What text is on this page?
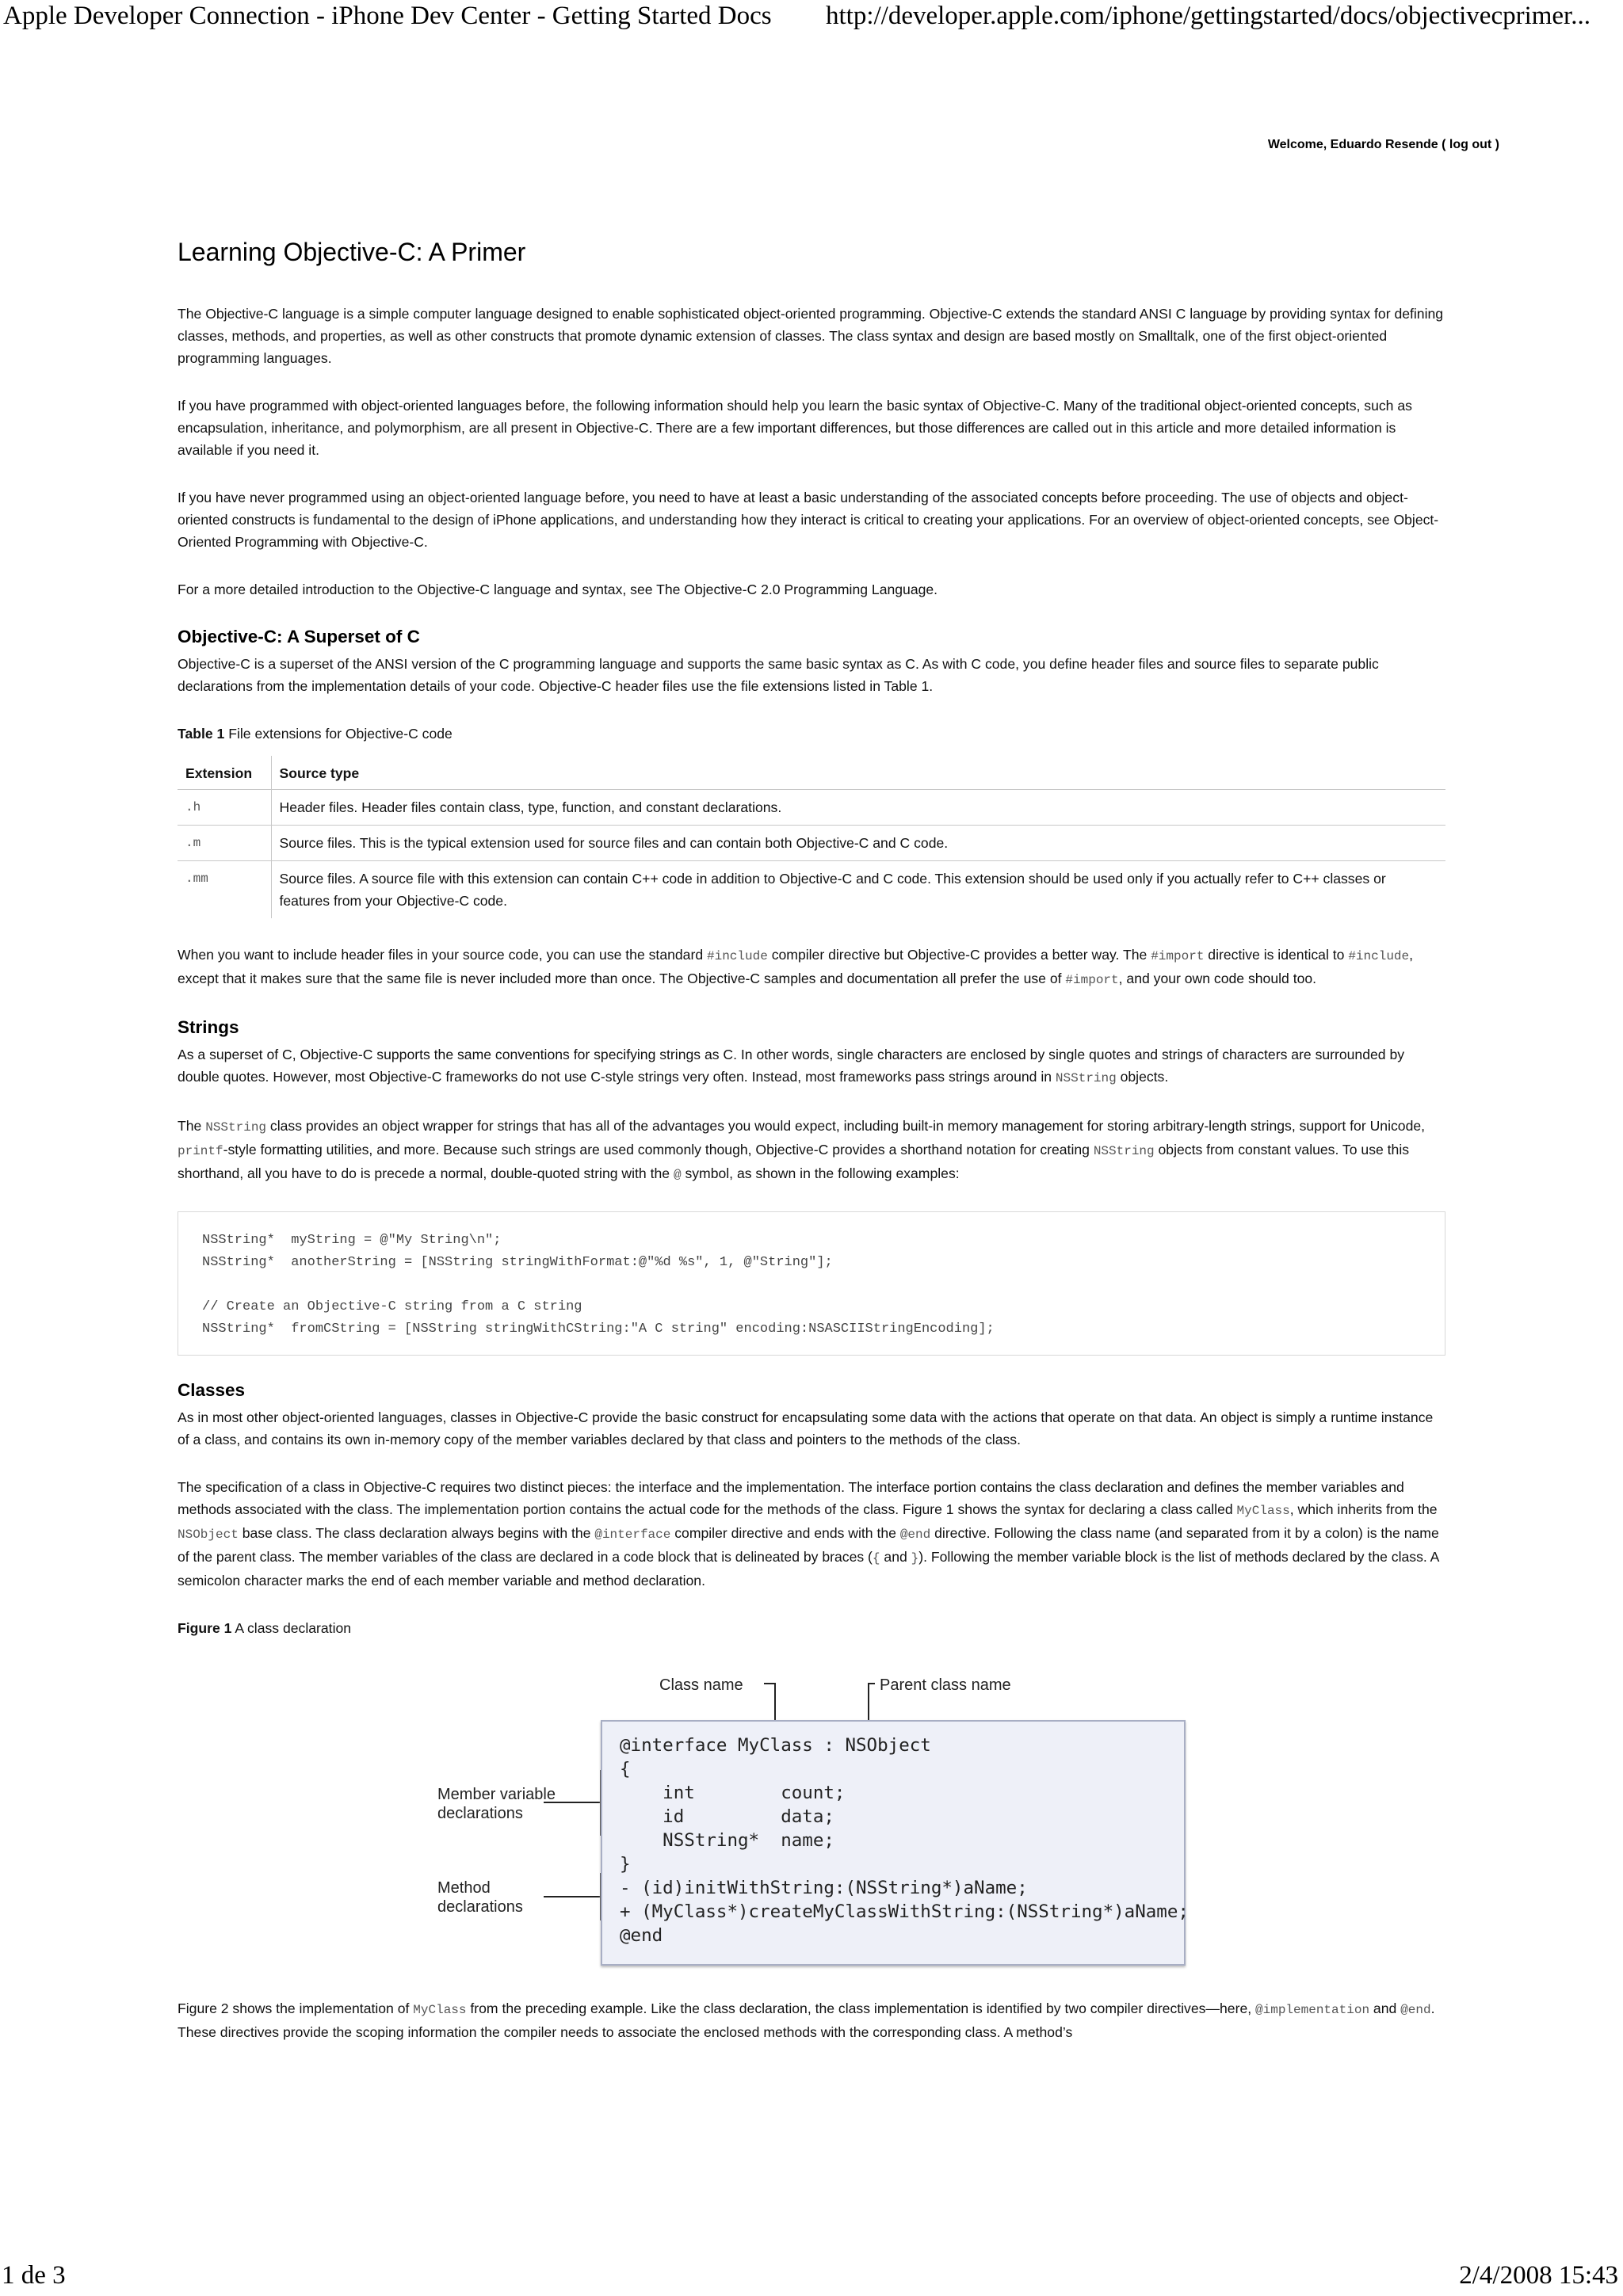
Apple Developer Connection - iPhone Dev Center - Getting Started Docs http://developer.apple.com/iphone/gettingstarted/docs/objectivecprimer...
Welcome, Eduardo Resende ( log out )
Learning Objective-C: A Primer

The Objective-C language is a simple computer language designed to enable sophisticated object-oriented programming. Objective-C extends the standard ANSI C language by providing syntax for defining classes, methods, and properties, as well as other constructs that promote dynamic extension of classes. The class syntax and design are based mostly on Smalltalk, one of the first object-oriented programming languages.

If you have programmed with object-oriented languages before, the following information should help you learn the basic syntax of Objective-C. Many of the traditional object-oriented concepts, such as encapsulation, inheritance, and polymorphism, are all present in Objective-C. There are a few important differences, but those differences are called out in this article and more detailed information is available if you need it.

If you have never programmed using an object-oriented language before, you need to have at least a basic understanding of the associated concepts before proceeding. The use of objects and object-oriented constructs is fundamental to the design of iPhone applications, and understanding how they interact is critical to creating your applications. For an overview of object-oriented concepts, see Object-Oriented Programming with Objective-C.

For a more detailed introduction to the Objective-C language and syntax, see The Objective-C 2.0 Programming Language.

Objective-C: A Superset of C

Objective-C is a superset of the ANSI version of the C programming language and supports the same basic syntax as C. As with C code, you define header files and source files to separate public declarations from the implementation details of your code. Objective-C header files use the file extensions listed in Table 1.

Table 1 File extensions for Objective-C code
Extension	Source type
.h	Header files. Header files contain class, type, function, and constant declarations.
.m	Source files. This is the typical extension used for source files and can contain both Objective-C and C code.
.mm	Source files. A source file with this extension can contain C++ code in addition to Objective-C and C code. This extension should be used only if you actually refer to C++ classes or features from your Objective-C code.

When you want to include header files in your source code, you can use the standard #include compiler directive but Objective-C provides a better way. The #import directive is identical to #include, except that it makes sure that the same file is never included more than once. The Objective-C samples and documentation all prefer the use of #import, and your own code should too.

Strings

As a superset of C, Objective-C supports the same conventions for specifying strings as C. In other words, single characters are enclosed by single quotes and strings of characters are surrounded by double quotes. However, most Objective-C frameworks do not use C-style strings very often. Instead, most frameworks pass strings around in NSString objects.

The NSString class provides an object wrapper for strings that has all of the advantages you would expect, including built-in memory management for storing arbitrary-length strings, support for Unicode, printf-style formatting utilities, and more. Because such strings are used commonly though, Objective-C provides a shorthand notation for creating NSString objects from constant values. To use this shorthand, all you have to do is precede a normal, double-quoted string with the @ symbol, as shown in the following examples:

NSString*  myString = @"My String\n";
NSString*  anotherString = [NSString stringWithFormat:@"%d %s", 1, @"String"];
// Create an Objective-C string from a C string
NSString*  fromCString = [NSString stringWithCString:"A C string" encoding:NSASCIIStringEncoding];
Classes

As in most other object-oriented languages, classes in Objective-C provide the basic construct for encapsulating some data with the actions that operate on that data. An object is simply a runtime instance of a class, and contains its own in-memory copy of the member variables declared by that class and pointers to the methods of the class.

The specification of a class in Objective-C requires two distinct pieces: the interface and the implementation. The interface portion contains the class declaration and defines the member variables and methods associated with the class. The implementation portion contains the actual code for the methods of the class. Figure 1 shows the syntax for declaring a class called MyClass, which inherits from the NSObject base class. The class declaration always begins with the @interface compiler directive and ends with the @end directive. Following the class name (and separated from it by a colon) is the name of the parent class. The member variables of the class are declared in a code block that is delineated by braces ({ and }). Following the member variable block is the list of methods declared by the class. A semicolon character marks the end of each member variable and method declaration.

Figure 1 A class declaration
Class name	Parent class name
Member variable
declarations
Method
declarations
@interface MyClass : NSObject
{
int        count;
id         data;
NSString*  name;
}
- (id)initWithString:(NSString*)aName;
+ (MyClass*)createMyClassWithString:(NSString*)aName;
@end

Figure 2 shows the implementation of MyClass from the preceding example. Like the class declaration, the class implementation is identified by two compiler directives—here, @implementation and @end. These directives provide the scoping information the compiler needs to associate the enclosed methods with the corresponding class. A method’s

1 de 3	2/4/2008 15:43
